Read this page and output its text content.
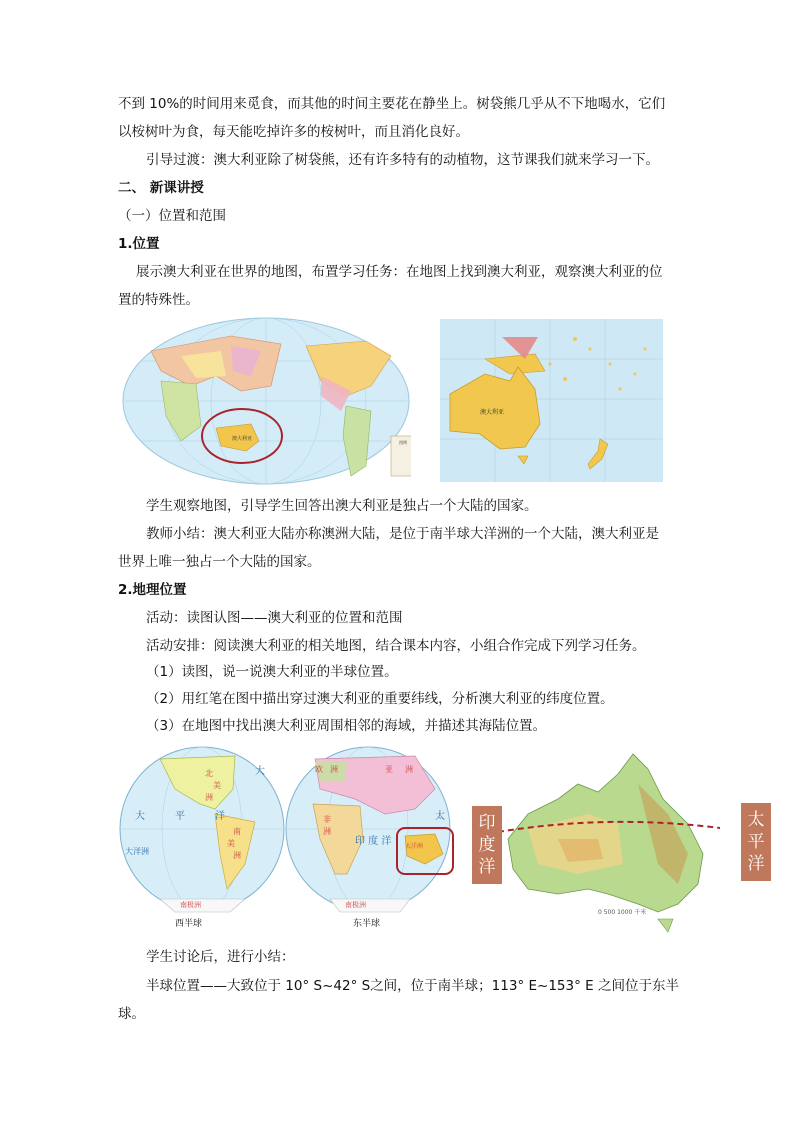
不到 10%的时间用来觅食，而其他的时间主要花在静坐上。树袋熊几乎从不下地喝水，它们
以桉树叶为食，每天能吃掉许多的桉树叶，而且消化良好。
引导过渡：澳大利亚除了树袋熊，还有许多特有的动植物，这节课我们就来学习一下。
二、 新课讲授
（一）位置和范围
1.位置
展示澳大利亚在世界的地图，布置学习任务：在地图上找到澳大利亚，观察澳大利亚的位
置的特殊性。
澳大利亚
图例
澳大利亚
学生观察地图，引导学生回答出澳大利亚是独占一个大陆的国家。
教师小结：澳大利亚大陆亦称澳洲大陆，是位于南半球大洋洲的一个大陆，澳大利亚是
世界上唯一独占一个大陆的国家。
2.地理位置
活动：读图认图——澳大利亚的位置和范围
活动安排：阅读澳大利亚的相关地图，结合课本内容，小组合作完成下列学习任务。
（1）读图，说一说澳大利亚的半球位置。
（2）用红笔在图中描出穿过澳大利亚的重要纬线，分析澳大利亚的纬度位置。
（3）在地图中找出澳大利亚周围相邻的海域，并描述其海陆位置。
北
美
洲
南
美
洲
亚 洲
欧 洲
非
洲
大洋洲
大
大	平	洋
印 度 洋
太
大洋洲
南极洲	南极洲
西半球	东半球
0 500 1000 千米
印
度
洋
太
平
洋
学生讨论后，进行小结：
半球位置——大致位于 10° S~42° S之间，位于南半球；113° E~153° E 之间位于东半
球。
